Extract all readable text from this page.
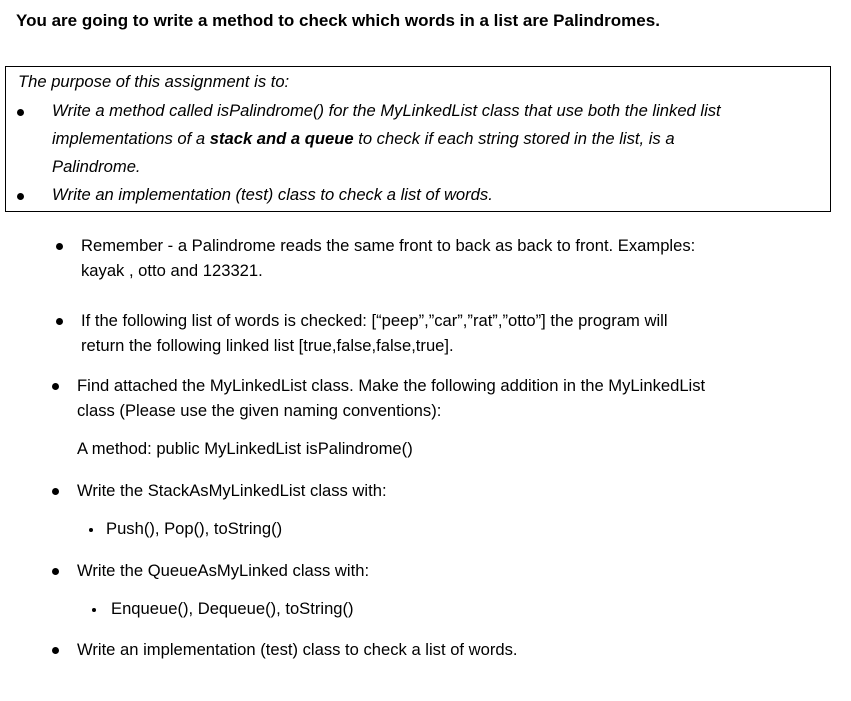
You are going to write a method to check which words in a list are Palindromes.
The purpose of this assignment is to:
Write a method called isPalindrome() for the MyLinkedList class that use both the linked list
implementations of a stack and a queue to check if each string stored in the list, is a
Palindrome.
Write an implementation (test) class to check a list of words.
Remember - a Palindrome reads the same front to back as back to front. Examples:
kayak , otto and 123321.
If the following list of words is checked: [“peep”,”car”,”rat”,”otto”] the program will
return the following linked list [true,false,false,true].
Find attached the MyLinkedList class. Make the following addition in the MyLinkedList
class (Please use the given naming conventions):
A method: public MyLinkedList isPalindrome()
Write the StackAsMyLinkedList class with:
Push(), Pop(), toString()
Write the QueueAsMyLinked class with:
Enqueue(), Dequeue(), toString()
Write an implementation (test) class to check a list of words.
